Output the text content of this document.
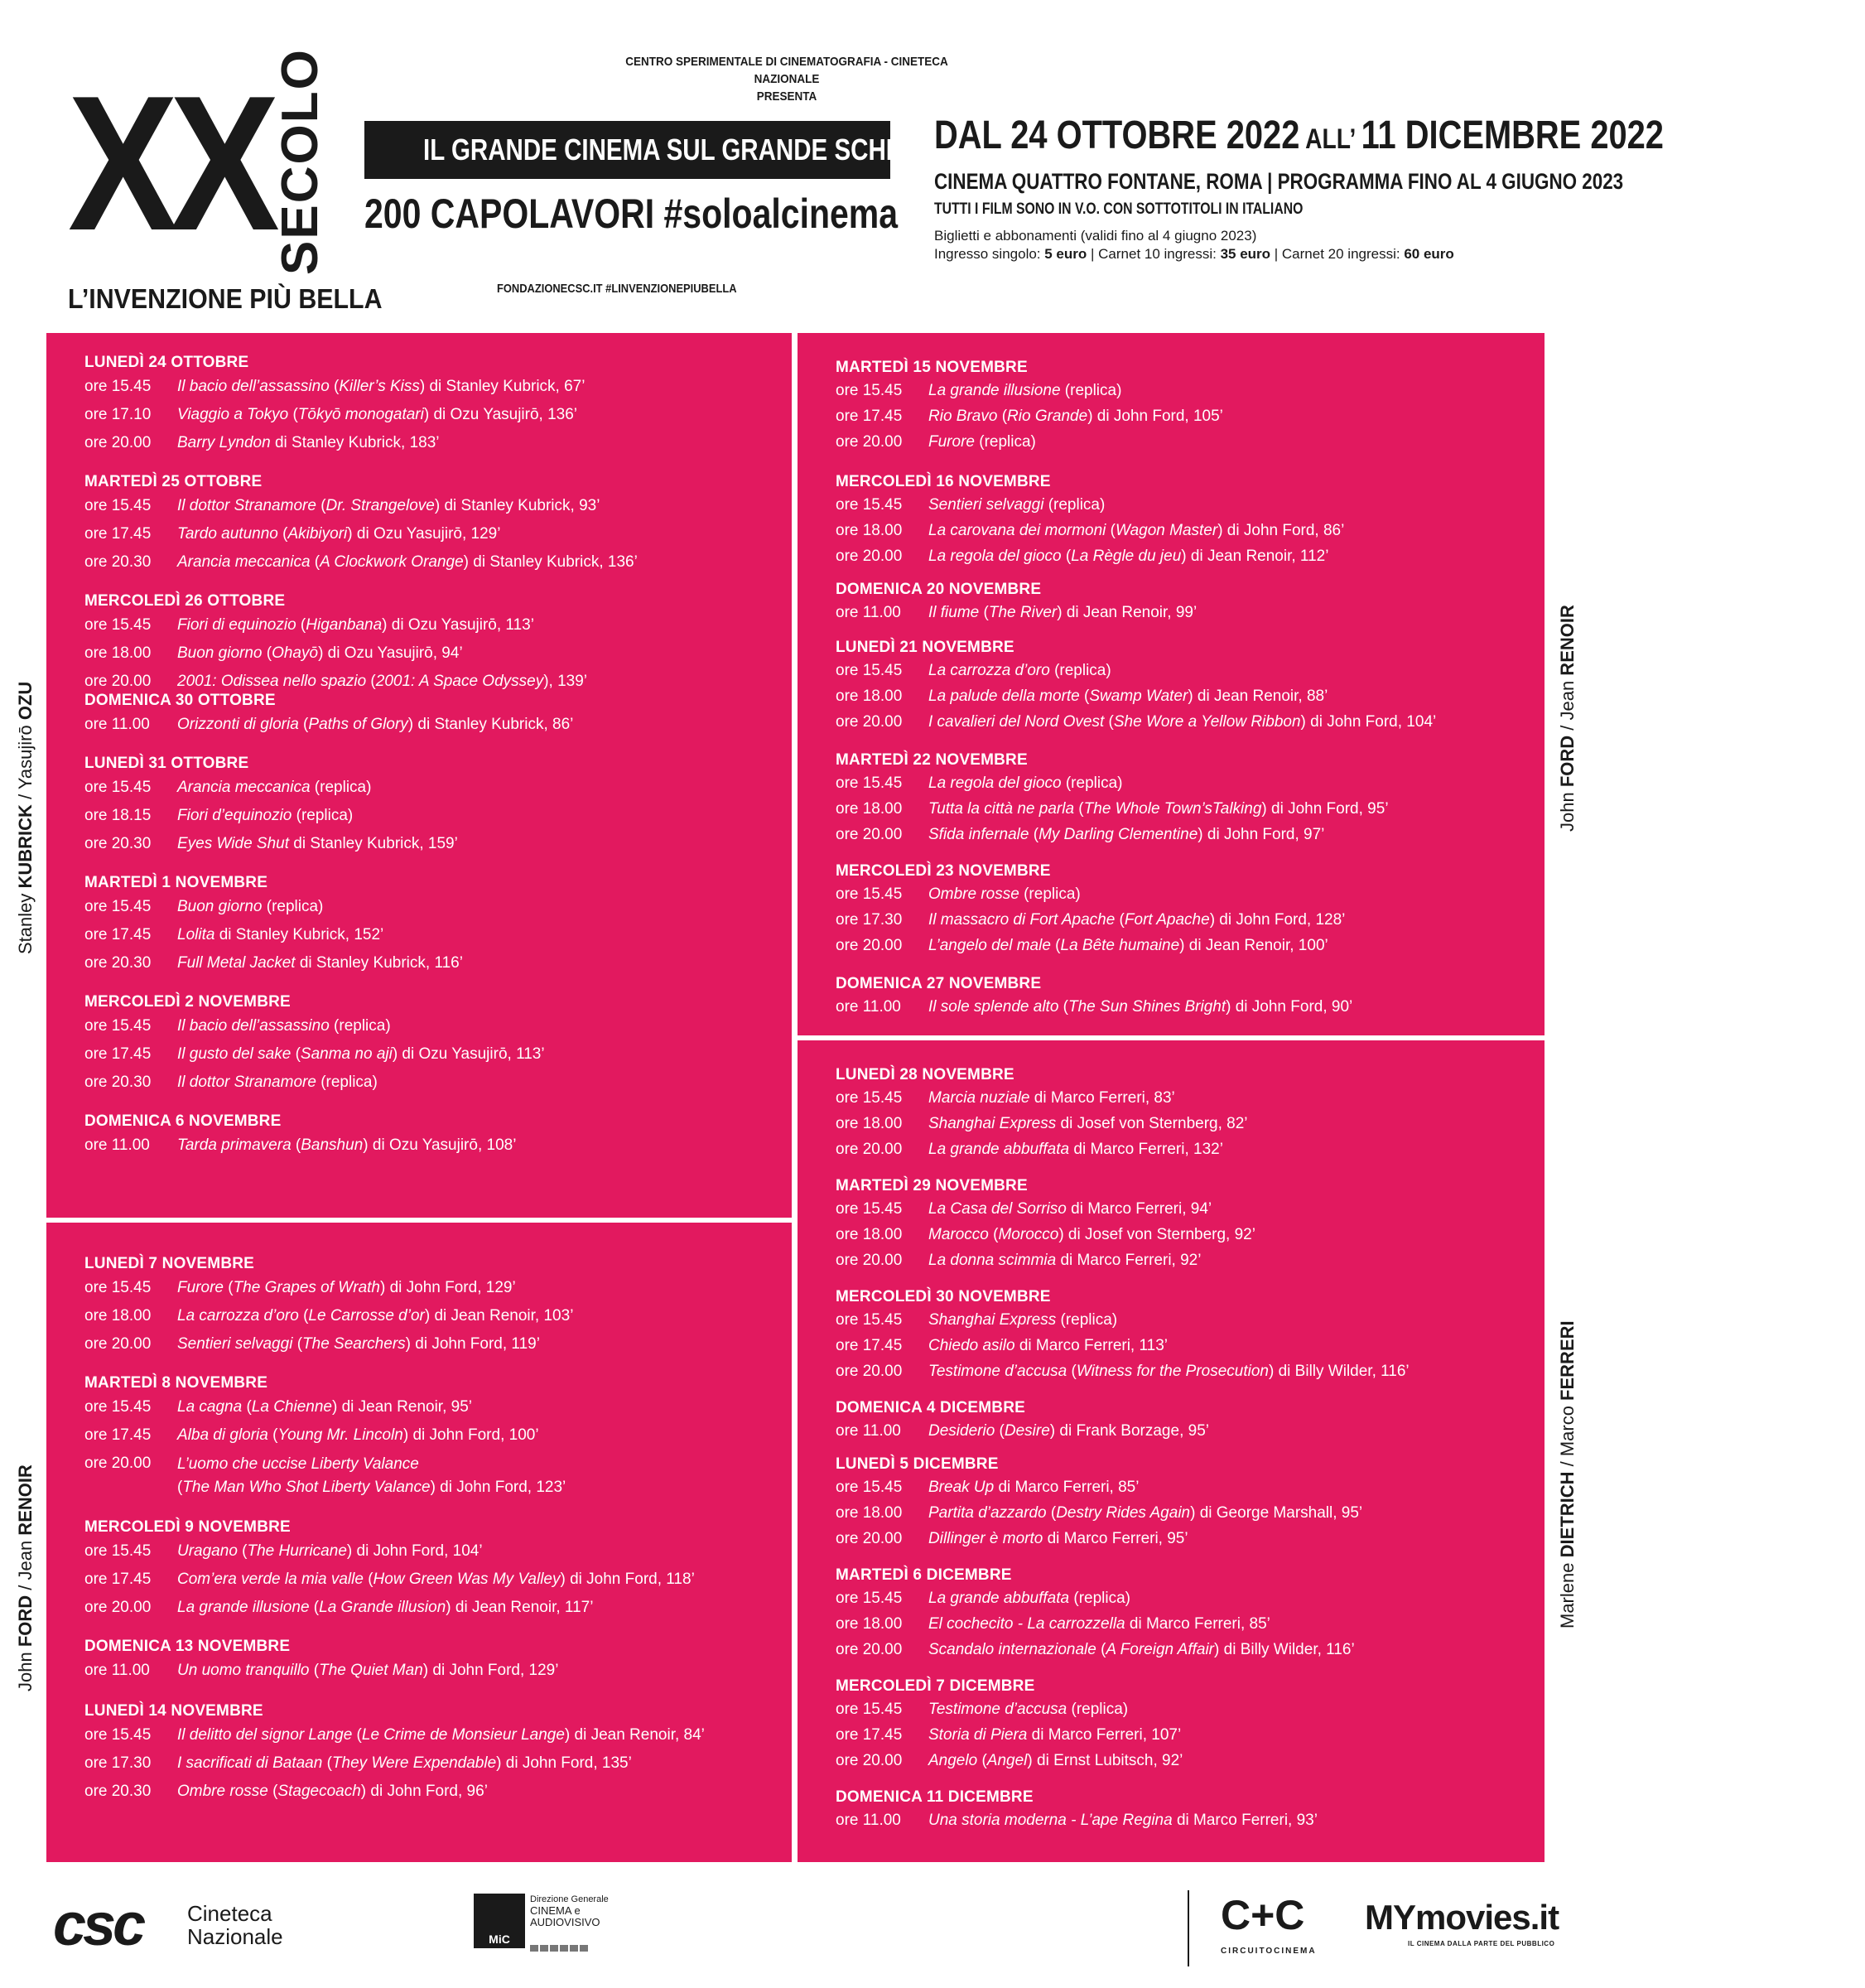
XX SECOLO
L’INVENZIONE PIÙ BELLA
CENTRO SPERIMENTALE DI CINEMATOGRAFIA - CINETECA NAZIONALE
PRESENTA
IL GRANDE CINEMA SUL GRANDE SCHERMO
200 CAPOLAVORI #soloalcinema
FONDAZIONECSC.IT #LINVENZIONEPIUBELLA
DAL 24 OTTOBRE 2022 ALL’ 11 DICEMBRE 2022
CINEMA QUATTRO FONTANE, ROMA | PROGRAMMA FINO AL 4 GIUGNO 2023
TUTTI I FILM SONO IN V.O. CON SOTTOTITOLI IN ITALIANO
Biglietti e abbonamenti (validi fino al 4 giugno 2023)
Ingresso singolo: 5 euro | Carnet 10 ingressi: 35 euro | Carnet 20 ingressi: 60 euro
LUNEDÌ 24 OTTOBRE
ore 15.45	Il bacio dell’assassino (Killer’s Kiss) di Stanley Kubrick, 67’
ore 17.10	Viaggio a Tokyo (Tōkyō monogatari) di Ozu Yasujirō, 136’
ore 20.00	Barry Lyndon di Stanley Kubrick, 183’
MARTEDÌ 25 OTTOBRE
ore 15.45	Il dottor Stranamore (Dr. Strangelove) di Stanley Kubrick, 93’
ore 17.45	Tardo autunno (Akibiyori) di Ozu Yasujirō, 129’
ore 20.30	Arancia meccanica (A Clockwork Orange) di Stanley Kubrick, 136’
MERCOLEDÌ 26 OTTOBRE
ore 15.45	Fiori di equinozio (Higanbana) di Ozu Yasujirō, 113’
ore 18.00	Buon giorno (Ohayō) di Ozu Yasujirō, 94’
ore 20.00	2001: Odissea nello spazio (2001: A Space Odyssey), 139’
DOMENICA 30 OTTOBRE
ore 11.00	Orizzonti di gloria (Paths of Glory) di Stanley Kubrick, 86’
LUNEDÌ 31 OTTOBRE
ore 15.45	Arancia meccanica (replica)
ore 18.15	Fiori d’equinozio (replica)
ore 20.30	Eyes Wide Shut di Stanley Kubrick, 159’
MARTEDÌ 1 NOVEMBRE
ore 15.45	Buon giorno (replica)
ore 17.45	Lolita di Stanley Kubrick, 152’
ore 20.30	Full Metal Jacket di Stanley Kubrick, 116’
MERCOLEDÌ 2 NOVEMBRE
ore 15.45	Il bacio dell’assassino (replica)
ore 17.45	Il gusto del sake (Sanma no aji) di Ozu Yasujirō, 113’
ore 20.30	Il dottor Stranamore (replica)
DOMENICA 6 NOVEMBRE
ore 11.00	Tarda primavera (Banshun) di Ozu Yasujirō, 108’
LUNEDÌ 7 NOVEMBRE
ore 15.45	Furore (The Grapes of Wrath) di John Ford, 129’
ore 18.00	La carrozza d’oro (Le Carrosse d’or) di Jean Renoir, 103’
ore 20.00	Sentieri selvaggi (The Searchers) di John Ford, 119’
MARTEDÌ 8 NOVEMBRE
ore 15.45	La cagna (La Chienne) di Jean Renoir, 95’
ore 17.45	Alba di gloria (Young Mr. Lincoln) di John Ford, 100’
ore 20.00	L’uomo che uccise Liberty Valance
(The Man Who Shot Liberty Valance) di John Ford, 123’
MERCOLEDÌ 9 NOVEMBRE
ore 15.45	Uragano (The Hurricane) di John Ford, 104’
ore 17.45	Com’era verde la mia valle (How Green Was My Valley) di John Ford, 118’
ore 20.00	La grande illusione (La Grande illusion) di Jean Renoir, 117’
DOMENICA 13 NOVEMBRE
ore 11.00	Un uomo tranquillo (The Quiet Man) di John Ford, 129’
LUNEDÌ 14 NOVEMBRE
ore 15.45	Il delitto del signor Lange (Le Crime de Monsieur Lange) di Jean Renoir, 84’
ore 17.30	I sacrificati di Bataan (They Were Expendable) di John Ford, 135’
ore 20.30	Ombre rosse (Stagecoach) di John Ford, 96’
MARTEDÌ 15 NOVEMBRE
ore 15.45	La grande illusione (replica)
ore 17.45	Rio Bravo (Rio Grande) di John Ford, 105’
ore 20.00	Furore (replica)
MERCOLEDÌ 16 NOVEMBRE
ore 15.45	Sentieri selvaggi (replica)
ore 18.00	La carovana dei mormoni (Wagon Master) di John Ford, 86’
ore 20.00	La regola del gioco (La Règle du jeu) di Jean Renoir, 112’
DOMENICA 20 NOVEMBRE
ore 11.00	Il fiume (The River) di Jean Renoir, 99’
LUNEDÌ 21 NOVEMBRE
ore 15.45	La carrozza d’oro (replica)
ore 18.00	La palude della morte (Swamp Water) di Jean Renoir, 88’
ore 20.00	I cavalieri del Nord Ovest (She Wore a Yellow Ribbon) di John Ford, 104’
MARTEDÌ 22 NOVEMBRE
ore 15.45	La regola del gioco (replica)
ore 18.00	Tutta la città ne parla (The Whole Town’sTalking) di John Ford, 95’
ore 20.00	Sfida infernale (My Darling Clementine) di John Ford, 97’
MERCOLEDÌ 23 NOVEMBRE
ore 15.45	Ombre rosse (replica)
ore 17.30	Il massacro di Fort Apache (Fort Apache) di John Ford, 128’
ore 20.00	L’angelo del male (La Bête humaine) di Jean Renoir, 100’
DOMENICA 27 NOVEMBRE
ore 11.00	Il sole splende alto (The Sun Shines Bright) di John Ford, 90’
LUNEDÌ 28 NOVEMBRE
ore 15.45	Marcia nuziale di Marco Ferreri, 83’
ore 18.00	Shanghai Express di Josef von Sternberg, 82’
ore 20.00	La grande abbuffata di Marco Ferreri, 132’
MARTEDÌ 29 NOVEMBRE
ore 15.45	La Casa del Sorriso di Marco Ferreri, 94’
ore 18.00	Marocco (Morocco) di Josef von Sternberg, 92’
ore 20.00	La donna scimmia di Marco Ferreri, 92’
MERCOLEDÌ 30 NOVEMBRE
ore 15.45	Shanghai Express (replica)
ore 17.45	Chiedo asilo di Marco Ferreri, 113’
ore 20.00	Testimone d’accusa (Witness for the Prosecution) di Billy Wilder, 116’
DOMENICA 4 DICEMBRE
ore 11.00	Desiderio (Desire) di Frank Borzage, 95’
LUNEDÌ 5 DICEMBRE
ore 15.45	Break Up di Marco Ferreri, 85’
ore 18.00	Partita d’azzardo (Destry Rides Again) di George Marshall, 95’
ore 20.00	Dillinger è morto di Marco Ferreri, 95’
MARTEDÌ 6 DICEMBRE
ore 15.45	La grande abbuffata (replica)
ore 18.00	El cochecito - La carrozzella di Marco Ferreri, 85’
ore 20.00	Scandalo internazionale (A Foreign Affair) di Billy Wilder, 116’
MERCOLEDÌ 7 DICEMBRE
ore 15.45	Testimone d’accusa (replica)
ore 17.45	Storia di Piera di Marco Ferreri, 107’
ore 20.00	Angelo (Angel) di Ernst Lubitsch, 92’
DOMENICA 11 DICEMBRE
ore 11.00	Una storia moderna - L’ape Regina di Marco Ferreri, 93’
Stanley KUBRICK / Yasujirō OZU
John FORD / Jean RENOIR
John FORD / Jean RENOIR
Marlene DIETRICH / Marco FERRERI
csc Cineteca
Nazionale	MiC
Direzione Generale
CINEMA e
AUDIOVISIVO	C+C
CIRCUITOCINEMA
MYmovies.it
IL CINEMA DALLA PARTE DEL PUBBLICO
